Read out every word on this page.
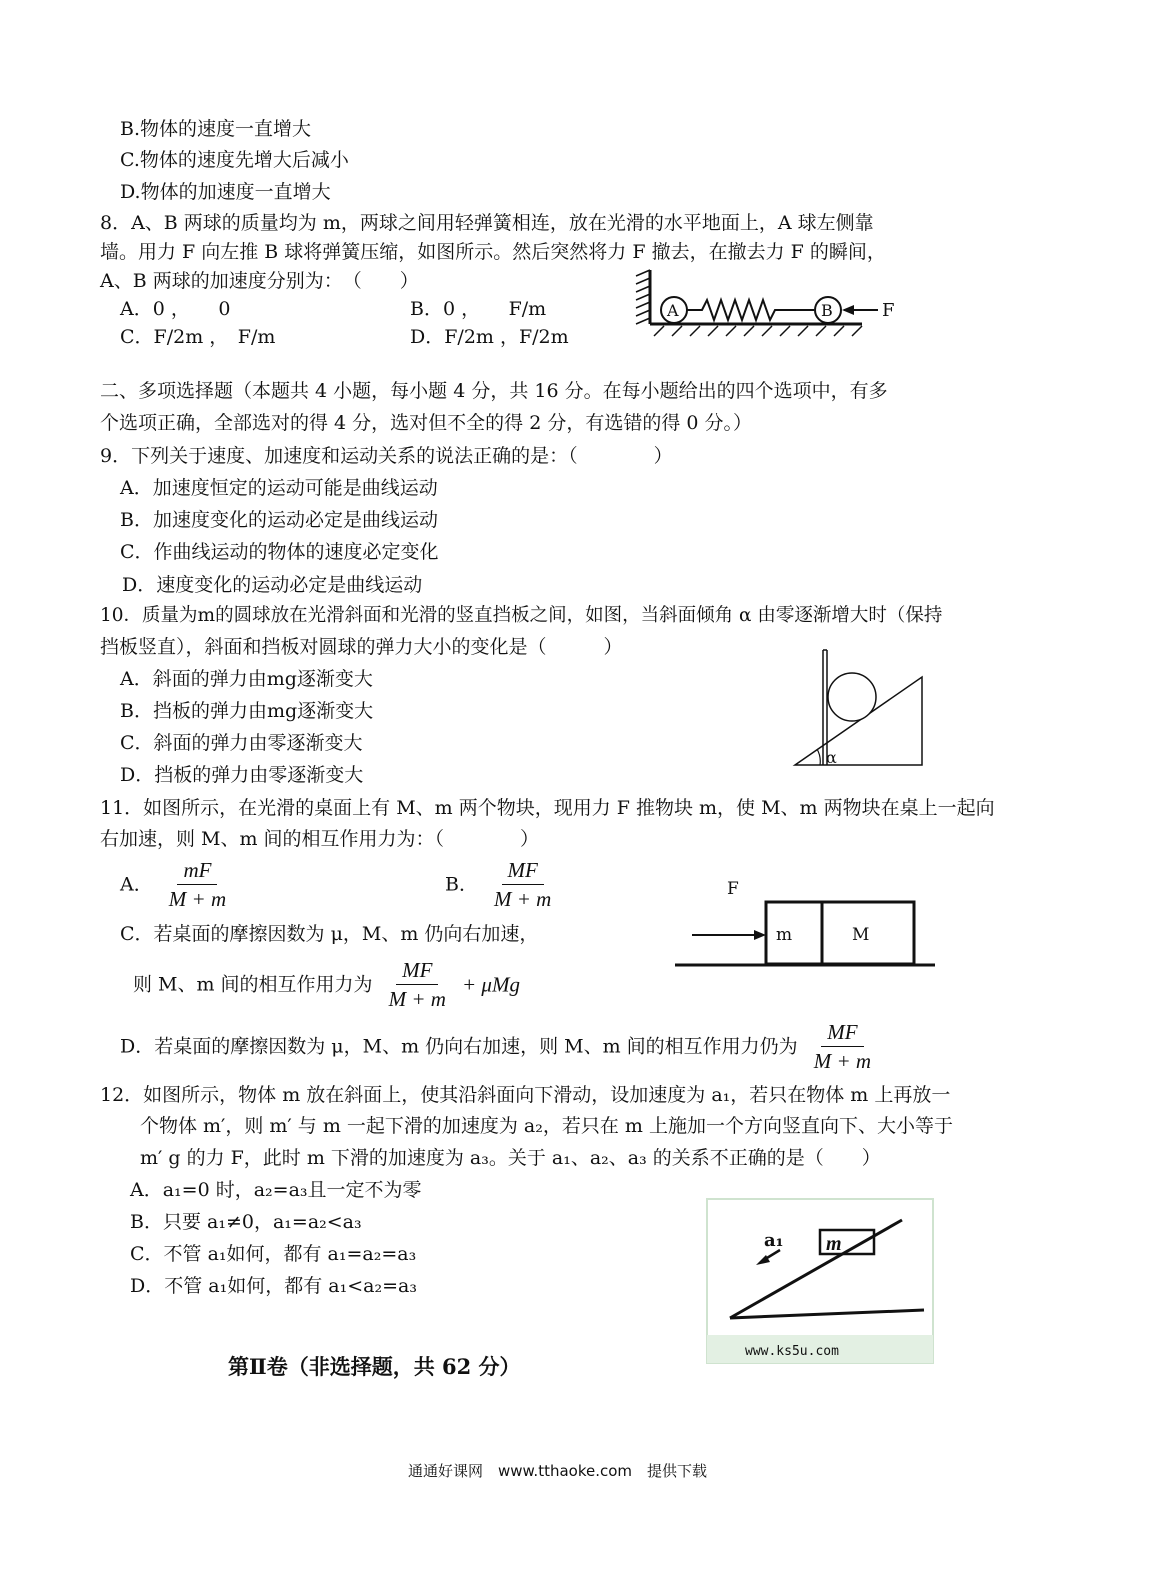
B.物体的速度一直增大
C.物体的速度先增大后减小
D.物体的加速度一直增大
8．A、B 两球的质量均为 m，两球之间用轻弹簧相连，放在光滑的水平地面上，A 球左侧靠
墙。用力 F 向左推 B 球将弹簧压缩，如图所示。然后突然将力 F 撤去，在撤去力 F 的瞬间，
A、B 两球的加速度分别为：　（　　）
A．0 ，　　0	B．0 ，　　F/m
C．F/2m ，　F/m	D．F/2m ，F/2m
A	B	F
二、多项选择题（本题共 4 小题，每小题 4 分，共 16 分。在每小题给出的四个选项中，有多
个选项正确，全部选对的得 4 分，选对但不全的得 2 分，有选错的得 0 分。）
9．下列关于速度、加速度和运动关系的说法正确的是：（　　　　）
A．加速度恒定的运动可能是曲线运动
B．加速度变化的运动必定是曲线运动
C．作曲线运动的物体的速度必定变化
D．速度变化的运动必定是曲线运动
10．质量为m的圆球放在光滑斜面和光滑的竖直挡板之间，如图，当斜面倾角 α 由零逐渐增大时（保持
挡板竖直），斜面和挡板对圆球的弹力大小的变化是（　　　）
A．斜面的弹力由mg逐渐变大
B．挡板的弹力由mg逐渐变大
C．斜面的弹力由零逐渐变大
D．挡板的弹力由零逐渐变大
α
11．如图所示，在光滑的桌面上有 M、m 两个物块，现用力 F 推物块 m，使 M、m 两物块在桌上一起向
右加速，则 M、m 间的相互作用力为：（　　　　）
A． $\frac{mF}{M + m}$	B． $\frac{MF}{M + m}$
C．若桌面的摩擦因数为 μ，M、m 仍向右加速，
则 M、m 间的相互作用力为 $\frac{MF}{M + m} + \mu Mg$
D．若桌面的摩擦因数为 μ，M、m 仍向右加速，则 M、m 间的相互作用力仍为 $\frac{MF}{M + m}$
F
m	M
12．如图所示，物体 m 放在斜面上，使其沿斜面向下滑动，设加速度为 a₁，若只在物体 m 上再放一
个物体 m′，则 m′ 与 m 一起下滑的加速度为 a₂，若只在 m 上施加一个方向竖直向下、大小等于
m′ g 的力 F，此时 m 下滑的加速度为 a₃。关于 a₁、a₂、a₃ 的关系不正确的是（　　）
A．a₁=0 时，a₂=a₃且一定不为零
B．只要 a₁≠0，a₁=a₂<a₃
C．不管 a₁如何，都有 a₁=a₂=a₃
D．不管 a₁如何，都有 a₁<a₂=a₃
a₁ m
www.ks5u.com
第Ⅱ卷（非选择题，共 62 分）
通通好课网　www.tthaoke.com　提供下载
